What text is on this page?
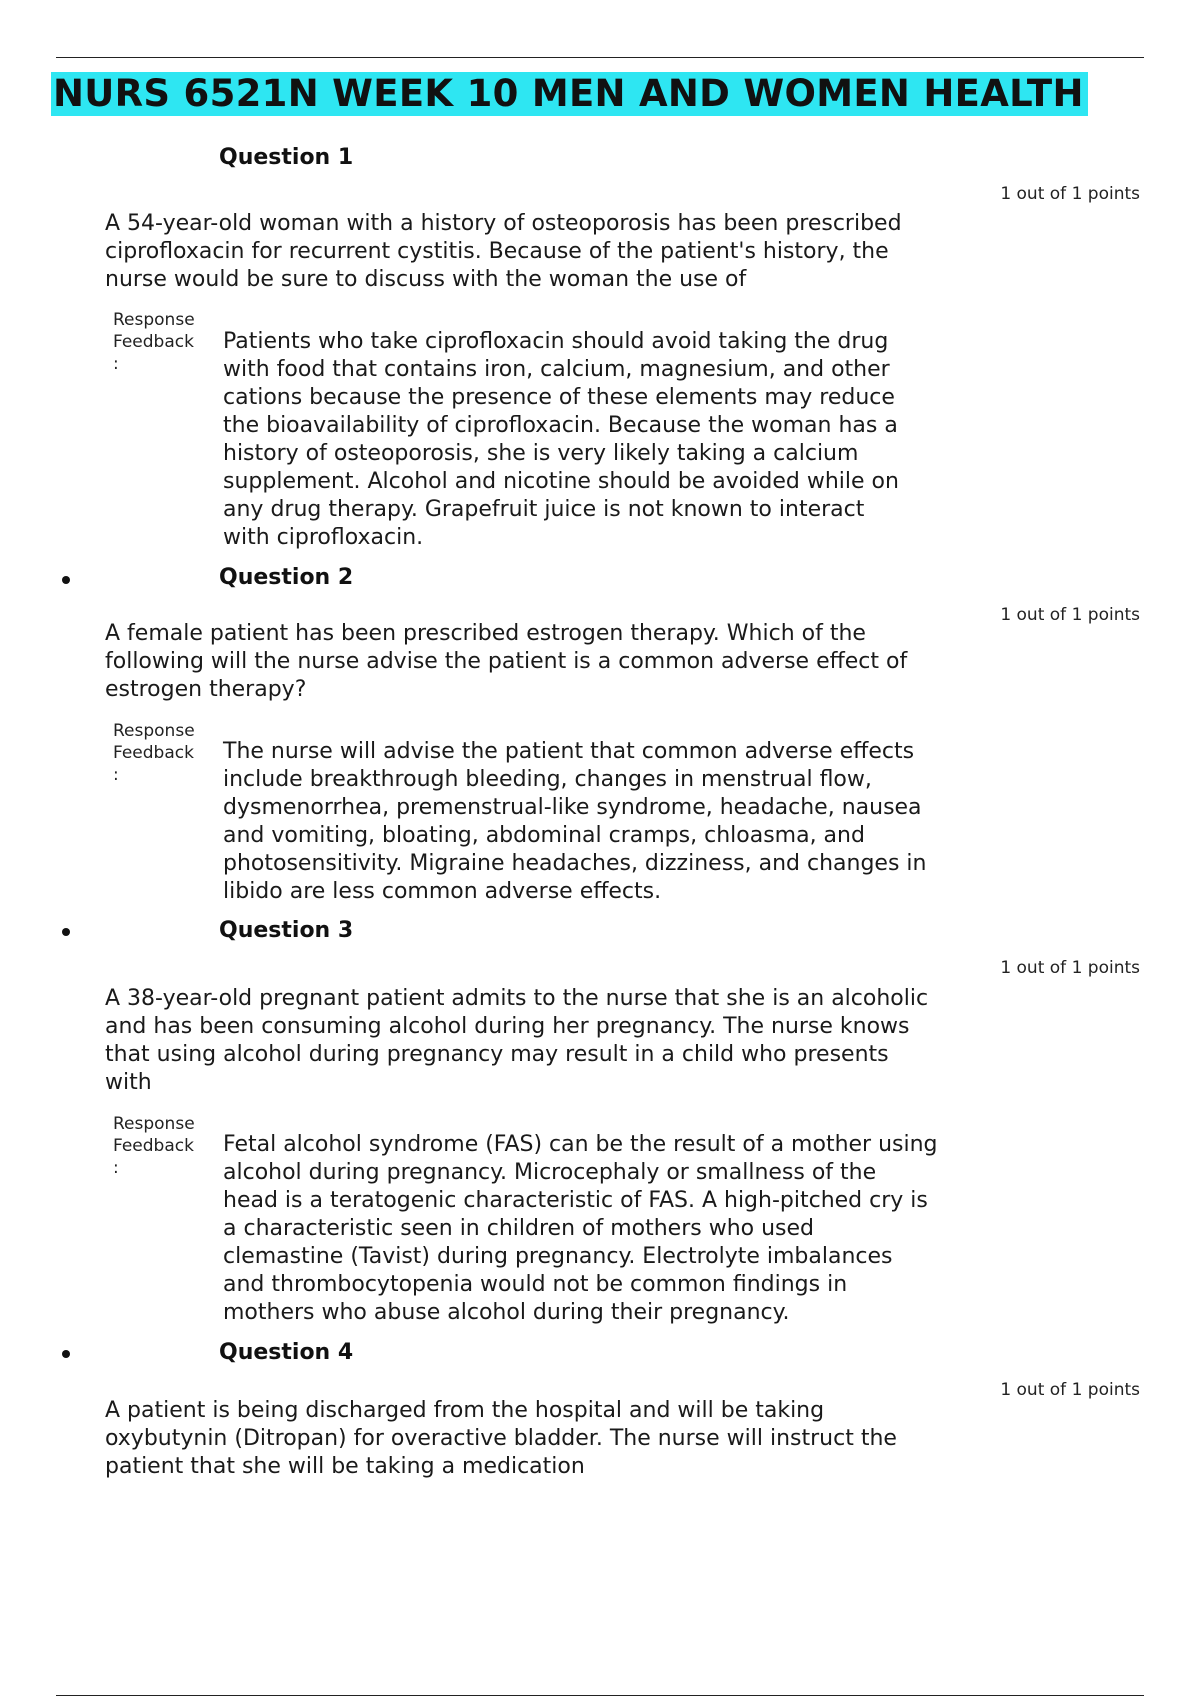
NURS 6521N WEEK 10 MEN AND WOMEN HEALTH
Question 1
1 out of 1 points
A 54-year-old woman with a history of osteoporosis has been prescribed
ciprofloxacin for recurrent cystitis. Because of the patient's history, the
nurse would be sure to discuss with the woman the use of
Response
Feedback
:
Patients who take ciprofloxacin should avoid taking the drug
with food that contains iron, calcium, magnesium, and other
cations because the presence of these elements may reduce
the bioavailability of ciprofloxacin. Because the woman has a
history of osteoporosis, she is very likely taking a calcium
supplement. Alcohol and nicotine should be avoided while on
any drug therapy. Grapefruit juice is not known to interact
with ciprofloxacin.
Question 2
1 out of 1 points
A female patient has been prescribed estrogen therapy. Which of the
following will the nurse advise the patient is a common adverse effect of
estrogen therapy?
Response
Feedback
:
The nurse will advise the patient that common adverse effects
include breakthrough bleeding, changes in menstrual flow,
dysmenorrhea, premenstrual-like syndrome, headache, nausea
and vomiting, bloating, abdominal cramps, chloasma, and
photosensitivity. Migraine headaches, dizziness, and changes in
libido are less common adverse effects.
Question 3
1 out of 1 points
A 38-year-old pregnant patient admits to the nurse that she is an alcoholic
and has been consuming alcohol during her pregnancy. The nurse knows
that using alcohol during pregnancy may result in a child who presents
with
Response
Feedback
:
Fetal alcohol syndrome (FAS) can be the result of a mother using
alcohol during pregnancy. Microcephaly or smallness of the
head is a teratogenic characteristic of FAS. A high-pitched cry is
a characteristic seen in children of mothers who used
clemastine (Tavist) during pregnancy. Electrolyte imbalances
and thrombocytopenia would not be common findings in
mothers who abuse alcohol during their pregnancy.
Question 4
1 out of 1 points
A patient is being discharged from the hospital and will be taking
oxybutynin (Ditropan) for overactive bladder. The nurse will instruct the
patient that she will be taking a medication
